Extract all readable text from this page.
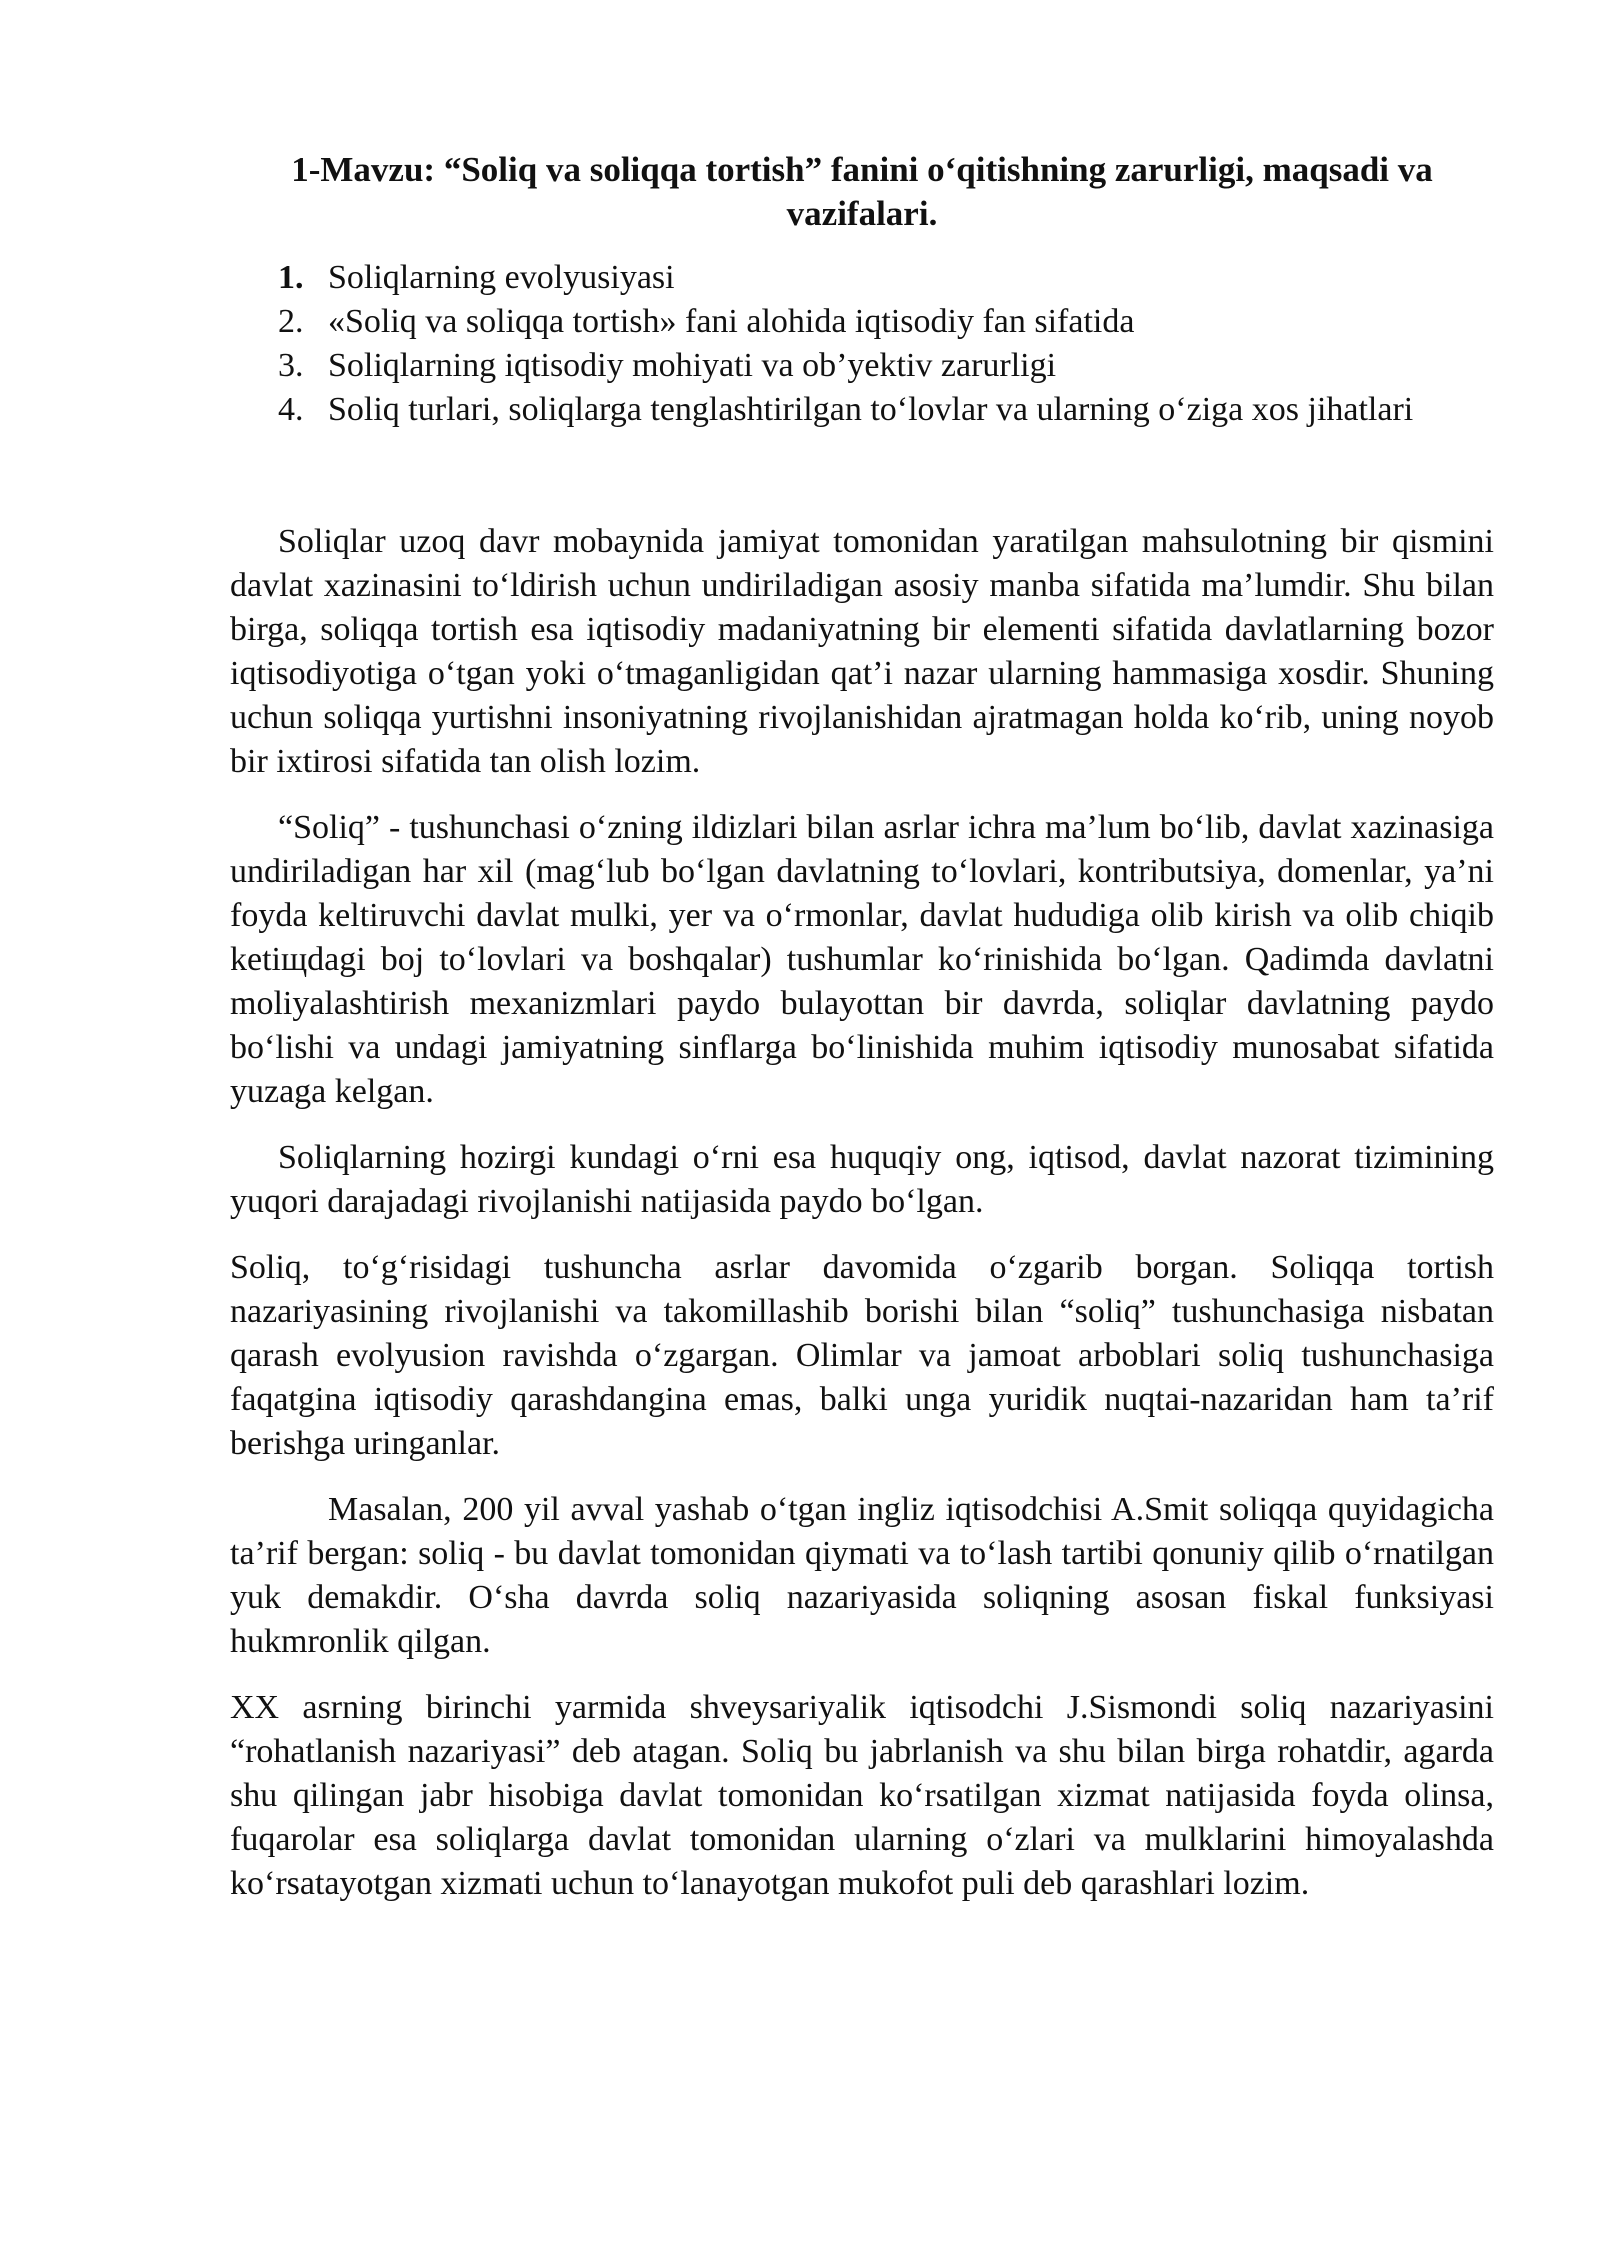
1-Mavzu: “Soliq va soliqqa tortish” fanini o‘qitishning zarurligi, maqsadi va vazifalari.
1. Soliqlarning evolyusiyasi
2. «Soliq va soliqqa tortish» fani alohida iqtisodiy fan sifatida
3. Soliqlarning iqtisodiy mohiyati va ob’yektiv zarurligi
4. Soliq turlari, soliqlarga tenglashtirilgan to‘lovlar va ularning o‘ziga xos jihatlari

Soliqlar uzoq davr mobaynida jamiyat tomonidan yaratilgan mahsulotning bir qismini davlat xazinasini to‘ldirish uchun undiriladigan asosiy manba sifatida ma’lumdir. Shu bilan birga, soliqqa tortish esa iqtisodiy madaniyatning bir elementi sifatida davlatlarning bozor iqtisodiyotiga o‘tgan yoki o‘tmaganligidan qat’i nazar ularning hammasiga xosdir. Shuning uchun soliqqa yurtishni insoniyatning rivojlanishidan ajratmagan holda ko‘rib, uning noyob bir ixtirosi sifatida tan olish lozim.

“Soliq” - tushunchasi o‘zning ildizlari bilan asrlar ichra ma’lum bo‘lib, davlat xazinasiga undiriladigan har xil (mag‘lub bo‘lgan davlatning to‘lovlari, kontributsiya, domenlar, ya’ni foyda keltiruvchi davlat mulki, yer va o‘rmonlar, davlat hududiga olib kirish va olib chiqib ketiщdagi boj to‘lovlari va boshqalar) tushumlar ko‘rinishida bo‘lgan. Qadimda davlatni moliyalashtirish mexanizmlari paydo bulayottan bir davrda, soliqlar davlatning paydo bo‘lishi va undagi jamiyatning sinflarga bo‘linishida muhim iqtisodiy munosabat sifatida yuzaga kelgan.

Soliqlarning hozirgi kundagi o‘rni esa huquqiy ong, iqtisod, davlat nazorat tizimining yuqori darajadagi rivojlanishi natijasida paydo bo‘lgan.

Soliq, to‘g‘risidagi tushuncha asrlar davomida o‘zgarib borgan. Soliqqa tortish nazariyasining rivojlanishi va takomillashib borishi bilan “soliq” tushunchasiga nisbatan qarash evolyusion ravishda o‘zgargan. Olimlar va jamoat arboblari soliq tushunchasiga faqatgina iqtisodiy qarashdangina emas, balki unga yuridik nuqtai-nazaridan ham ta’rif berishga uringanlar.

Masalan, 200 yil avval yashab o‘tgan ingliz iqtisodchisi A.Smit soliqqa quyidagicha ta’rif bergan: soliq - bu davlat tomonidan qiymati va to‘lash tartibi qonuniy qilib o‘rnatilgan yuk demakdir. O‘sha davrda soliq nazariyasida soliqning asosan fiskal funksiyasi hukmronlik qilgan.

XX asrning birinchi yarmida shveysariyalik iqtisodchi J.Sismondi soliq nazariyasini “rohatlanish nazariyasi” deb atagan. Soliq bu jabrlanish va shu bilan birga rohatdir, agarda shu qilingan jabr hisobiga davlat tomonidan ko‘rsatilgan xizmat natijasida foyda olinsa, fuqarolar esa soliqlarga davlat tomonidan ularning o‘zlari va mulklarini himoyalashda ko‘rsatayotgan xizmati uchun to‘lanayotgan mukofot puli deb qarashlari lozim.
